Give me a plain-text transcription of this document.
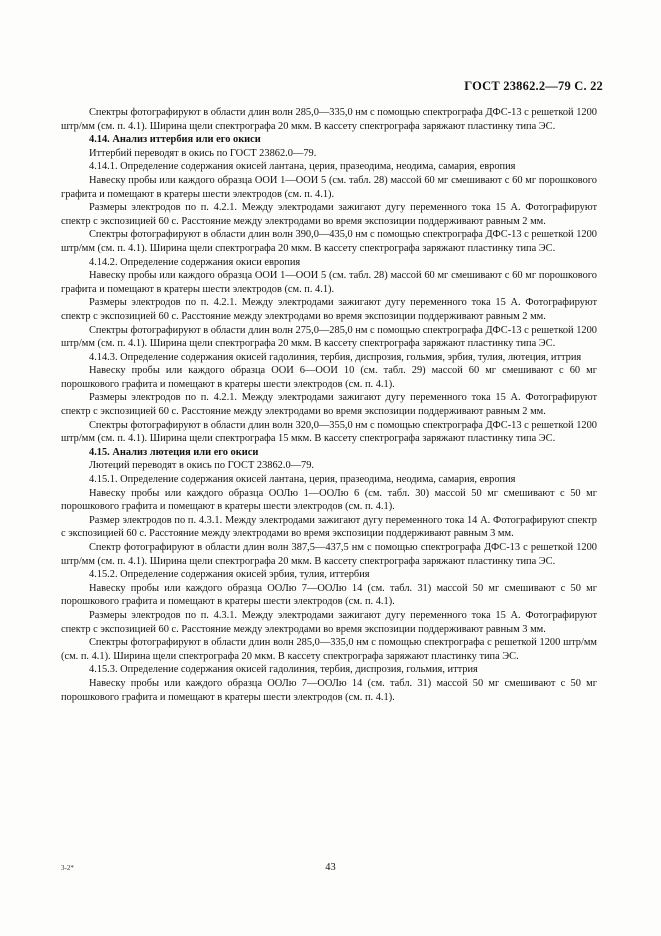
ГОСТ 23862.2—79 С. 22

Спектры фотографируют в области длин волн 285,0—335,0 нм с помощью спектрографа ДФС-13 с решеткой 1200 штр/мм (см. п. 4.1). Ширина щели спектрографа 20 мкм. В кассету спектрографа заряжают пластинку типа ЭС.

4.14. Анализ иттербия или его окиси

Иттербий переводят в окись по ГОСТ 23862.0—79.

4.14.1. Определение содержания окисей лантана, церия, празеодима, неодима, самария, европия

Навеску пробы или каждого образца ООИ 1—ООИ 5 (см. табл. 28) массой 60 мг смешивают с 60 мг порошкового графита и помещают в кратеры шести электродов (см. п. 4.1).

Размеры электродов по п. 4.2.1. Между электродами зажигают дугу переменного тока 15 А. Фотографируют спектр с экспозицией 60 с. Расстояние между электродами во время экспозиции поддерживают равным 2 мм.

Спектры фотографируют в области длин волн 390,0—435,0 нм с помощью спектрографа ДФС-13 с решеткой 1200 штр/мм (см. п. 4.1). Ширина щели спектрографа 20 мкм. В кассету спектрографа заряжают пластинку типа ЭС.

4.14.2. Определение содержания окиси европия

Навеску пробы или каждого образца ООИ 1—ООИ 5 (см. табл. 28) массой 60 мг смешивают с 60 мг порошкового графита и помещают в кратеры шести электродов (см. п. 4.1).

Размеры электродов по п. 4.2.1. Между электродами зажигают дугу переменного тока 15 А. Фотографируют спектр с экспозицией 60 с. Расстояние между электродами во время экспозиции поддерживают равным 2 мм.

Спектры фотографируют в области длин волн 275,0—285,0 нм с помощью спектрографа ДФС-13 с решеткой 1200 штр/мм (см. п. 4.1). Ширина щели спектрографа 20 мкм. В кассету спектрографа заряжают пластинку типа ЭС.

4.14.3. Определение содержания окисей гадолиния, тербия, диспрозия, гольмия, эрбия, тулия, лютеция, иттрия

Навеску пробы или каждого образца ООИ 6—ООИ 10 (см. табл. 29) массой 60 мг смешивают с 60 мг порошкового графита и помещают в кратеры шести электродов (см. п. 4.1).

Размеры электродов по п. 4.2.1. Между электродами зажигают дугу переменного тока 15 А. Фотографируют спектр с экспозицией 60 с. Расстояние между электродами во время экспозиции поддерживают равным 2 мм.

Спектры фотографируют в области длин волн 320,0—355,0 нм с помощью спектрографа ДФС-13 с решеткой 1200 штр/мм (см. п. 4.1). Ширина щели спектрографа 15 мкм. В кассету спектрографа заряжают пластинку типа ЭС.

4.15. Анализ лютеция или его окиси

Лютеций переводят в окись по ГОСТ 23862.0—79.

4.15.1. Определение содержания окисей лантана, церия, празеодима, неодима, самария, европия

Навеску пробы или каждого образца ООЛю 1—ООЛю 6 (см. табл. 30) массой 50 мг смешивают с 50 мг порошкового графита и помещают в кратеры шести электродов (см. п. 4.1).

Размер электродов по п. 4.3.1. Между электродами зажигают дугу переменного тока 14 А. Фотографируют спектр с экспозицией 60 с. Расстояние между электродами во время экспозиции поддерживают равным 3 мм.

Спектр фотографируют в области длин волн 387,5—437,5 нм с помощью спектрографа ДФС-13 с решеткой 1200 штр/мм (см. п. 4.1). Ширина щели спектрографа 20 мкм. В кассету спектрографа заряжают пластинку типа ЭС.

4.15.2. Определение содержания окисей эрбия, тулия, иттербия

Навеску пробы или каждого образца ООЛю 7—ООЛю 14 (см. табл. 31) массой 50 мг смешивают с 50 мг порошкового графита и помещают в кратеры шести электродов (см. п. 4.1).

Размеры электродов по п. 4.3.1. Между электродами зажигают дугу переменного тока 15 А. Фотографируют спектр с экспозицией 60 с. Расстояние между электродами во время экспозиции поддерживают равным 3 мм.

Спектры фотографируют в области длин волн 285,0—335,0 нм с помощью спектрографа с решеткой 1200 штр/мм (см. п. 4.1). Ширина щели спектрографа 20 мкм. В кассету спектрографа заряжают пластинку типа ЭС.

4.15.3. Определение содержания окисей гадолиния, тербия, диспрозия, гольмия, иттрия

Навеску пробы или каждого образца ООЛю 7—ООЛю 14 (см. табл. 31) массой 50 мг смешивают с 50 мг порошкового графита и помещают в кратеры шести электродов (см. п. 4.1).

3-2*	43
